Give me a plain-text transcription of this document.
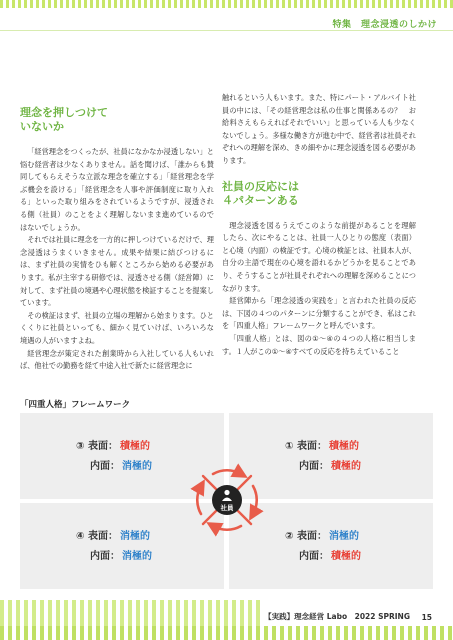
特集　理念浸透のしかけ
理念を押しつけて
いないか

「経営理念をつくったが、社員になかなか浸透しない」と悩む経営者は少なくありません。話を聞けば、「誰からも賛同してもらえそうな立派な理念を確立する」「経営理念を学ぶ機会を設ける」「経営理念を人事や評価制度に取り入れる」といった取り組みをされているようですが、浸透される側（社員）のことをよく理解しないまま進めているのではないでしょうか。

それでは社員に理念を一方的に押しつけているだけで、理念浸透はうまくいきません。成果や結果に結びつけるには、まず社員の実情をひも解くところから始める必要があります。私が主宰する研修では、浸透させる側（経営陣）に対して、まず社員の境遇や心理状態を検証することを提案しています。

その検証はまず、社員の立場の理解から始まります。ひとくくりに社員といっても、細かく見ていけば、いろいろな境遇の人がいますよね。

経営理念が策定された創業時から入社している人もいれば、他社での勤務を経て中途入社で新たに経営理念に

触れるという人もいます。また、特にパート・アルバイト社員の中には、「その経営理念は私の仕事と関係あるの？　お給料さえもらえればそれでいい」と思っている人も少なくないでしょう。多様な働き方が進む中で、経営者は社員それぞれへの理解を深め、きめ細やかに理念浸透を図る必要があります。

社員の反応には
４パターンある

理念浸透を図るうえでこのような前提があることを理解したら、次にやることは、社員一人ひとりの態度（表面）と心境（内面）の検証です。心境の検証とは、社員本人が、自分の主語で現在の心境を語れるかどうかを見ることであり、そうすることが社員それぞれへの理解を深めることにつながります。

経営陣から「理念浸透の実践を」と言われた社員の反応は、下図の４つのパターンに分類することができ、私はこれを「四重人格」フレームワークと呼んでいます。

「四重人格」とは、図の①～④の４つの人格に相当します。１人がこの①～④すべての反応を持ちえていること

「四重人格」フレームワーク
③ 表面： 積極的
内面： 消極的
① 表面： 積極的
内面： 積極的
④ 表面： 消極的
内面： 消極的
② 表面： 消極的
内面： 積極的
社員
【実践】理念経営 Labo　2022 SPRING	15
